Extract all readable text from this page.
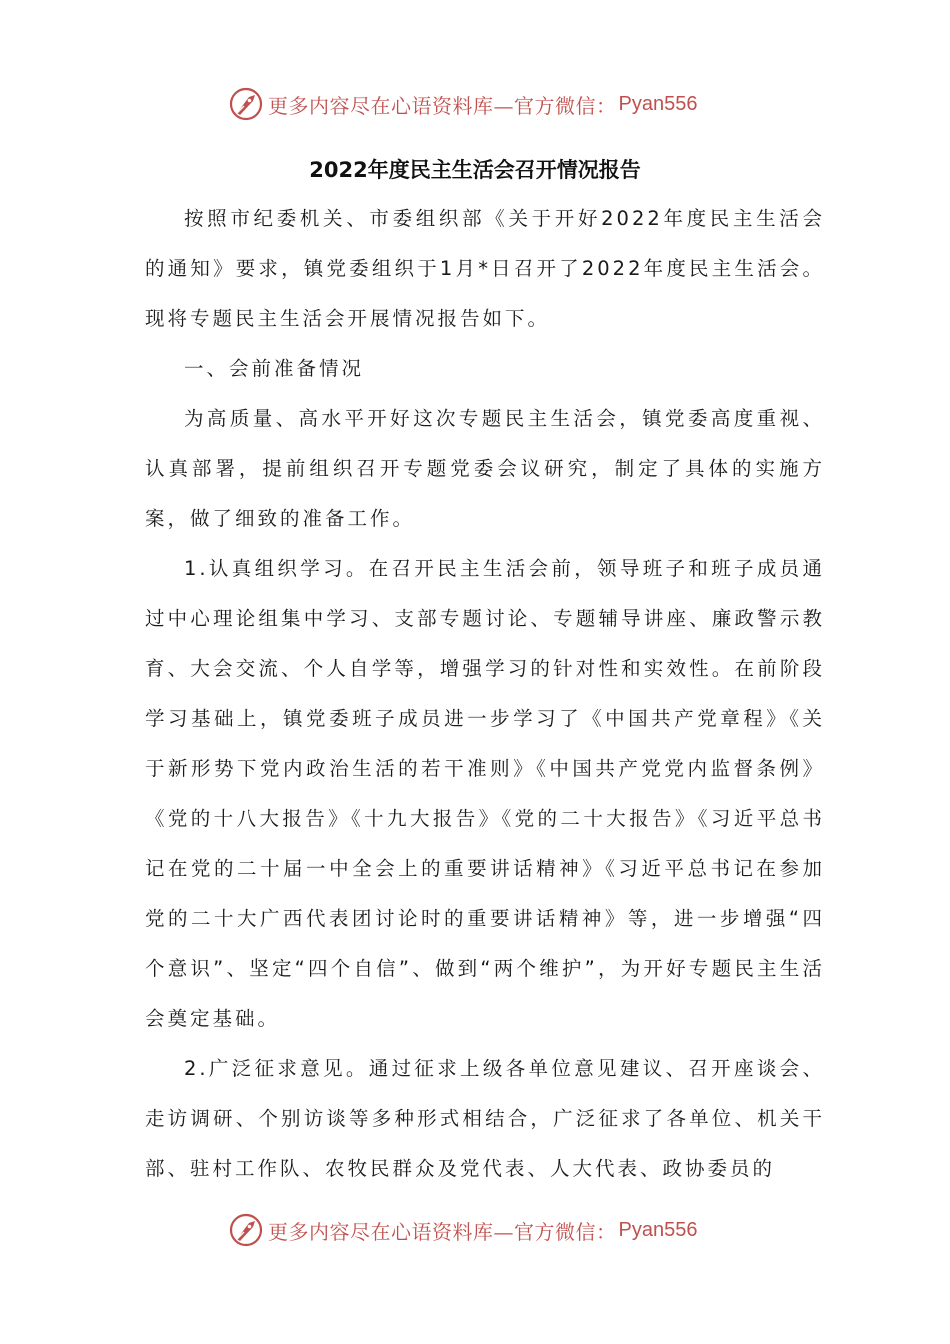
更多内容尽在心语资料库—官方微信： Pyan556
2022年度民主生活会召开情况报告

按照市纪委机关、市委组织部《关于开好2022年度民主生活会的通知》要求，镇党委组织于1月*日召开了2022年度民主生活会。现将专题民主生活会开展情况报告如下。

一、会前准备情况

为高质量、高水平开好这次专题民主生活会，镇党委高度重视、认真部署，提前组织召开专题党委会议研究，制定了具体的实施方案，做了细致的准备工作。

1.认真组织学习。在召开民主生活会前，领导班子和班子成员通过中心理论组集中学习、支部专题讨论、专题辅导讲座、廉政警示教育、大会交流、个人自学等，增强学习的针对性和实效性。在前阶段学习基础上，镇党委班子成员进一步学习了《中国共产党章程》《关于新形势下党内政治生活的若干准则》《中国共产党党内监督条例》《党的十八大报告》《十九大报告》《党的二十大报告》《习近平总书记在党的二十届一中全会上的重要讲话精神》《习近平总书记在参加党的二十大广西代表团讨论时的重要讲话精神》等，进一步增强“四个意识”、坚定“四个自信”、做到“两个维护”，为开好专题民主生活会奠定基础。

2.广泛征求意见。通过征求上级各单位意见建议、召开座谈会、走访调研、个别访谈等多种形式相结合，广泛征求了各单位、机关干部、驻村工作队、农牧民群众及党代表、人大代表、政协委员的

更多内容尽在心语资料库—官方微信： Pyan556
